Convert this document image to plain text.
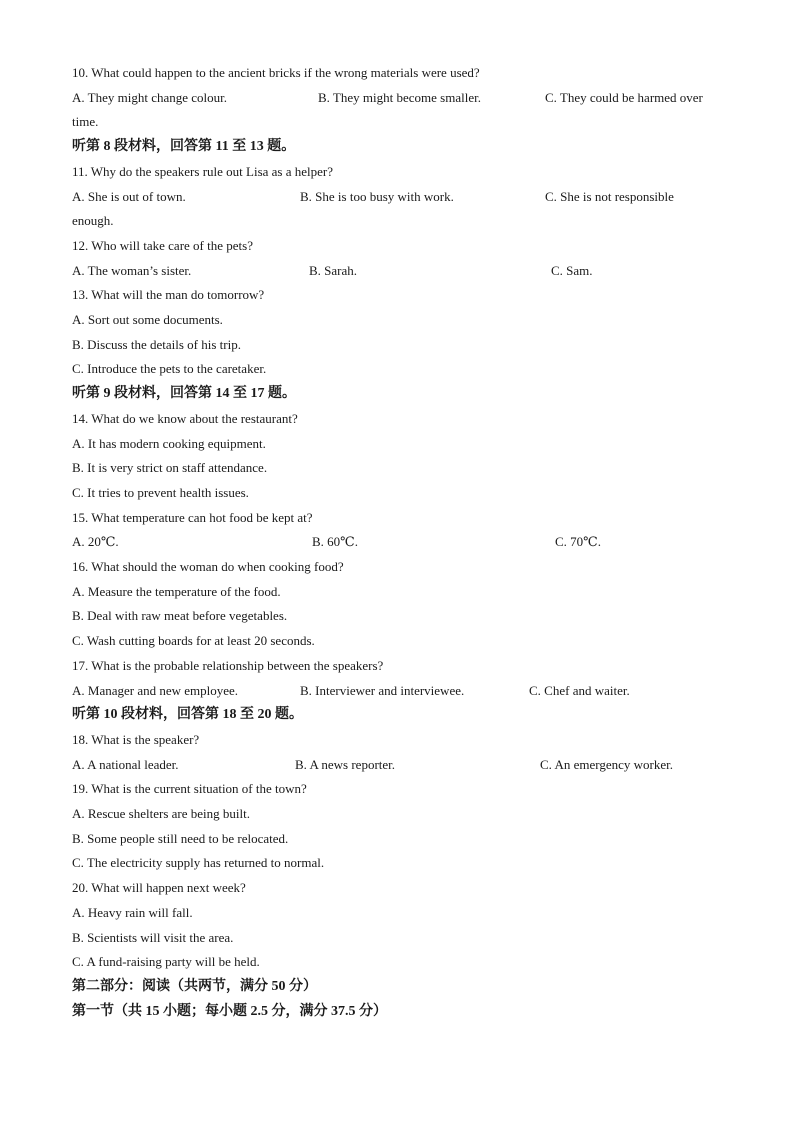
10. What could happen to the ancient bricks if the wrong materials were used?
A. They might change colour.	B. They might become smaller.	C. They could be harmed over
time.
听第 8 段材料，回答第 11 至 13 题。
11. Why do the speakers rule out Lisa as a helper?
A. She is out of town.	B. She is too busy with work.	C. She is not responsible
enough.
12. Who will take care of the pets?
A. The woman’s sister.	B. Sarah.	C. Sam.
13. What will the man do tomorrow?
A. Sort out some documents.
B. Discuss the details of his trip.
C. Introduce the pets to the caretaker.
听第 9 段材料，回答第 14 至 17 题。
14. What do we know about the restaurant?
A. It has modern cooking equipment.
B. It is very strict on staff attendance.
C. It tries to prevent health issues.
15. What temperature can hot food be kept at?
A. 20℃.	B. 60℃.	C. 70℃.
16. What should the woman do when cooking food?
A. Measure the temperature of the food.
B. Deal with raw meat before vegetables.
C. Wash cutting boards for at least 20 seconds.
17. What is the probable relationship between the speakers?
A. Manager and new employee.	B. Interviewer and interviewee.	C. Chef and waiter.
听第 10 段材料，回答第 18 至 20 题。
18. What is the speaker?
A. A national leader.	B. A news reporter.	C. An emergency worker.
19. What is the current situation of the town?
A. Rescue shelters are being built.
B. Some people still need to be relocated.
C. The electricity supply has returned to normal.
20. What will happen next week?
A. Heavy rain will fall.
B. Scientists will visit the area.
C. A fund-raising party will be held.
第二部分：阅读（共两节，满分 50 分）
第一节（共 15 小题；每小题 2.5 分，满分 37.5 分）
